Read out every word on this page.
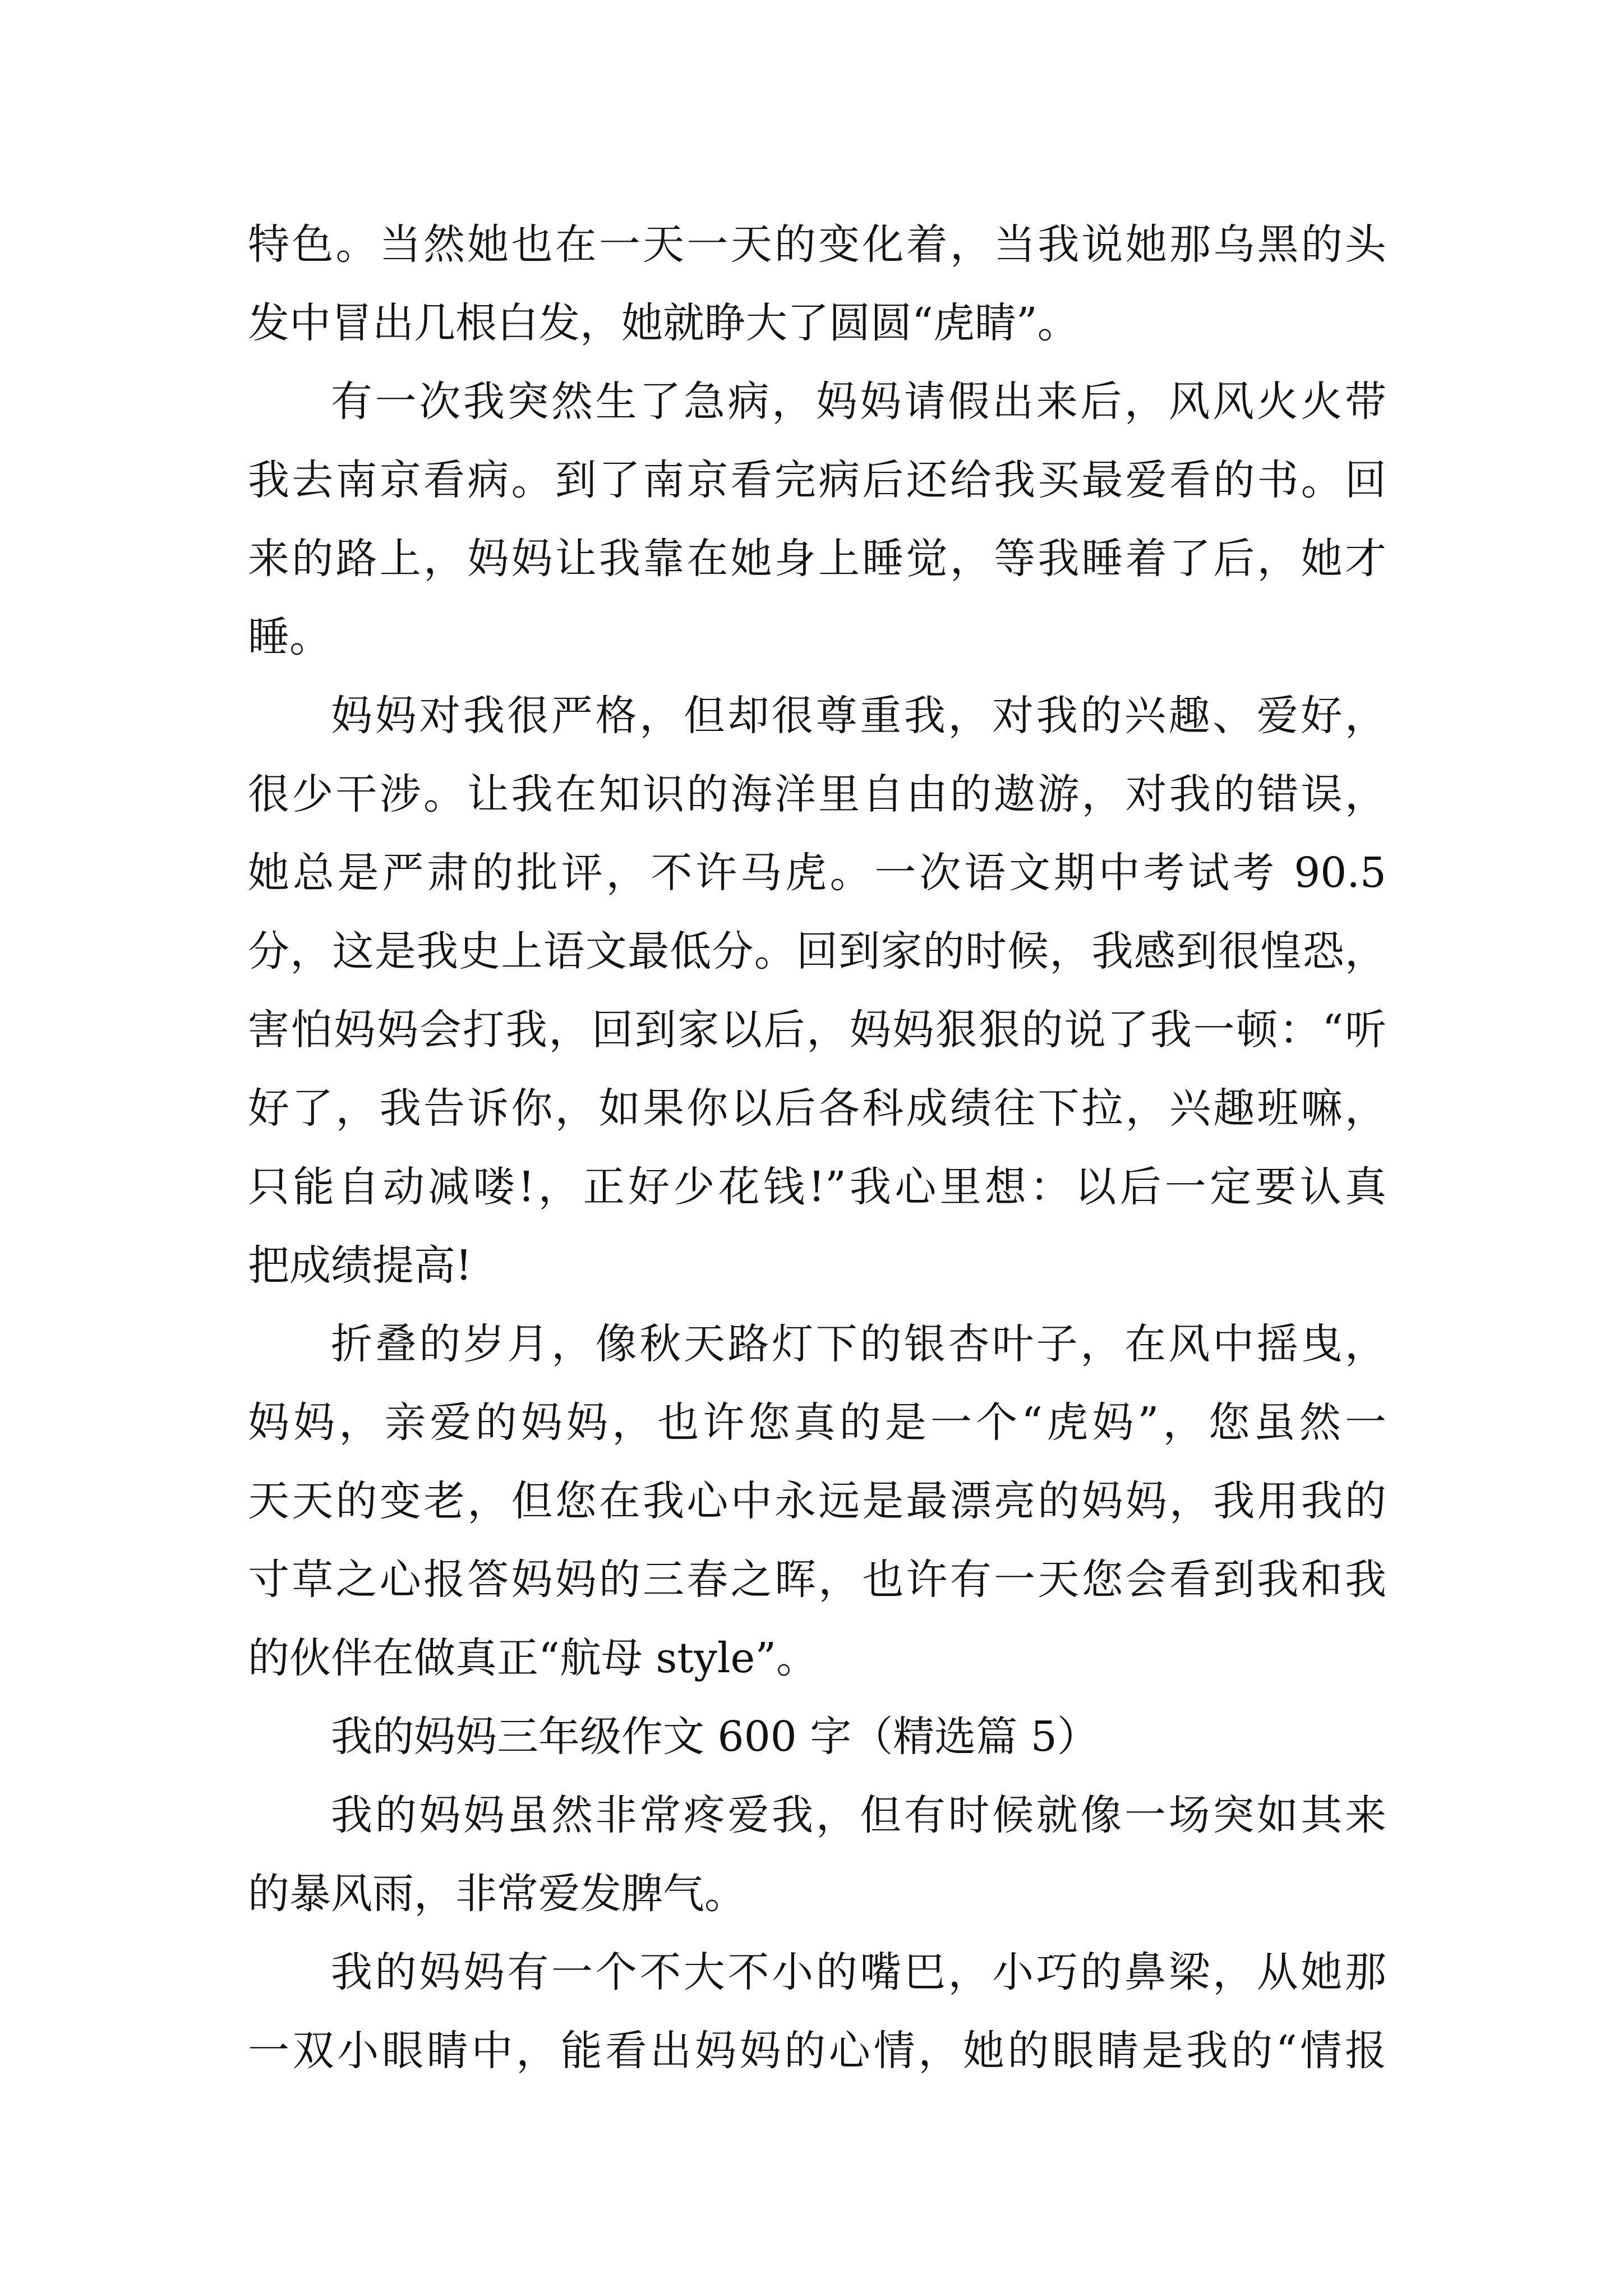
特色。当然她也在一天一天的变化着，当我说她那乌黑的头
发中冒出几根白发，她就睁大了圆圆“虎睛”。
有一次我突然生了急病，妈妈请假出来后，风风火火带
我去南京看病。到了南京看完病后还给我买最爱看的书。回
来的路上，妈妈让我靠在她身上睡觉，等我睡着了后，她才
睡。
妈妈对我很严格，但却很尊重我，对我的兴趣、爱好，
很少干涉。让我在知识的海洋里自由的遨游，对我的错误，
她总是严肃的批评，不许马虎。一次语文期中考试考 90.5
分，这是我史上语文最低分。回到家的时候，我感到很惶恐，
害怕妈妈会打我，回到家以后，妈妈狠狠的说了我一顿：“听
好了，我告诉你，如果你以后各科成绩往下拉，兴趣班嘛，
只能自动减喽!，正好少花钱!”我心里想：以后一定要认真
把成绩提高!
折叠的岁月，像秋天路灯下的银杏叶子，在风中摇曳，
妈妈，亲爱的妈妈，也许您真的是一个“虎妈”，您虽然一
天天的变老，但您在我心中永远是最漂亮的妈妈，我用我的
寸草之心报答妈妈的三春之晖，也许有一天您会看到我和我
的伙伴在做真正“航母 style”。
我的妈妈三年级作文 600 字（精选篇 5）
我的妈妈虽然非常疼爱我，但有时候就像一场突如其来
的暴风雨，非常爱发脾气。
我的妈妈有一个不大不小的嘴巴，小巧的鼻梁，从她那
一双小眼睛中，能看出妈妈的心情，她的眼睛是我的“情报
